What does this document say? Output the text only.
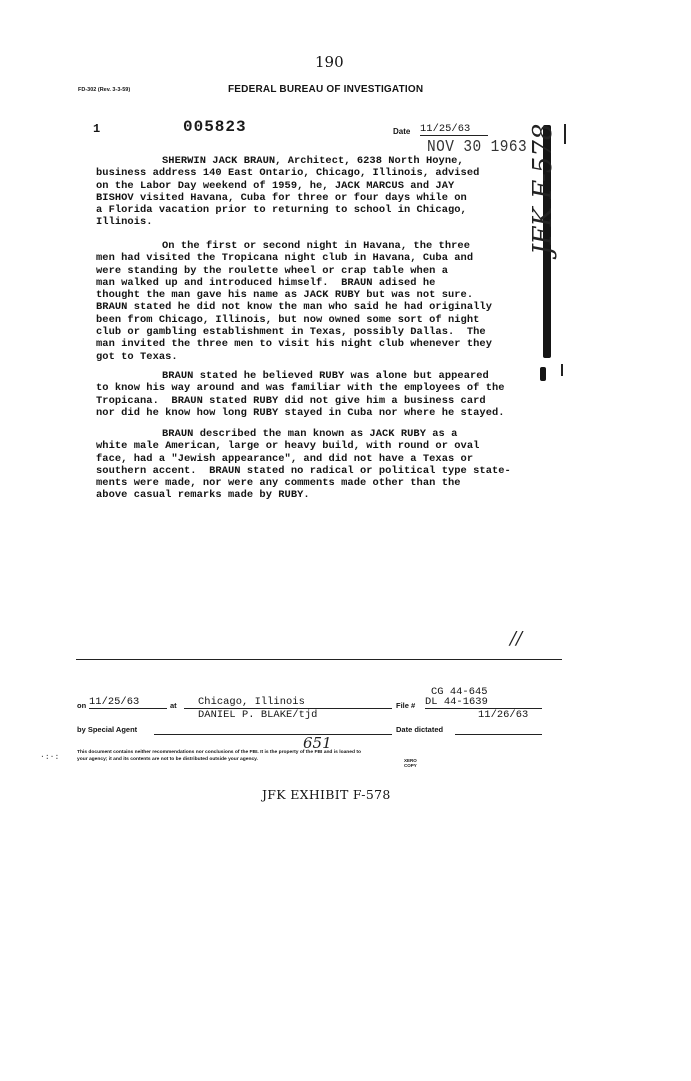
190
FD-302 (Rev. 3-3-59)	FEDERAL BUREAU OF INVESTIGATION
1	005823	Date 11/25/63
NOV 30 1963 JFK F-578
SHERWIN JACK BRAUN, Architect, 6238 North Hoyne,
business address 140 East Ontario, Chicago, Illinois, advised
on the Labor Day weekend of 1959, he, JACK MARCUS and JAY
BISHOV visited Havana, Cuba for three or four days while on
a Florida vacation prior to returning to school in Chicago,
Illinois.
On the first or second night in Havana, the three
men had visited the Tropicana night club in Havana, Cuba and
were standing by the roulette wheel or crap table when a
man walked up and introduced himself.  BRAUN adised he
thought the man gave his name as JACK RUBY but was not sure.
BRAUN stated he did not know the man who said he had originally
been from Chicago, Illinois, but now owned some sort of night
club or gambling establishment in Texas, possibly Dallas.  The
man invited the three men to visit his night club whenever they
got to Texas.
BRAUN stated he believed RUBY was alone but appeared
to know his way around and was familiar with the employees of the
Tropicana.  BRAUN stated RUBY did not give him a business card
nor did he know how long RUBY stayed in Cuba nor where he stayed.
BRAUN described the man known as JACK RUBY as a
white male American, large or heavy build, with round or oval
face, had a "Jewish appearance", and did not have a Texas or
southern accent.  BRAUN stated no radical or political type state-
ments were made, nor were any comments made other than the
above casual remarks made by RUBY.
//
CG 44-645
on 11/25/63	at	Chicago, Illinois	File # DL 44-1639
DANIEL P. BLAKE/tjd	11/26/63
by Special Agent	Date dictated
651
·:·:	This document contains neither recommendations nor conclusions of the FBI. It is the property of the FBI and is loaned to
your agency; it and its contents are not to be distributed outside your agency.	XERO COPY
JFK EXHIBIT F-578
